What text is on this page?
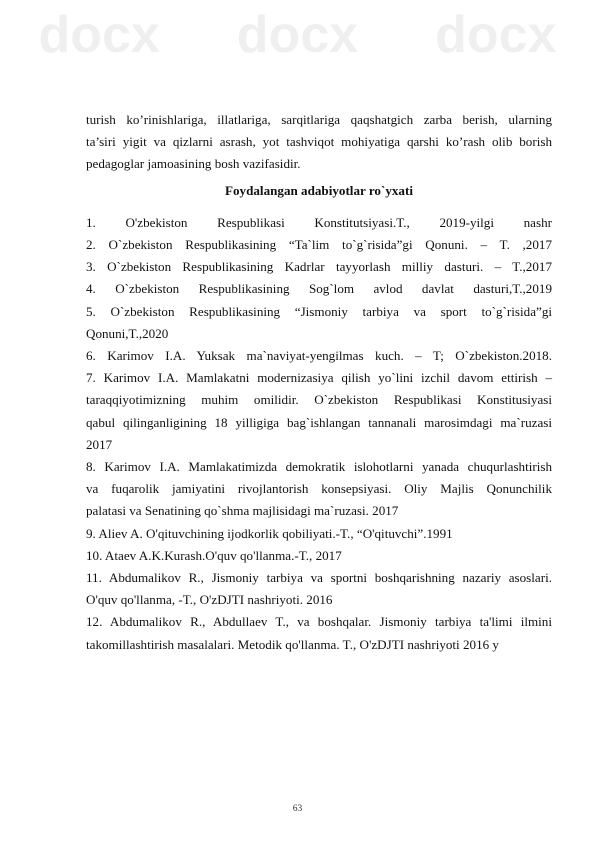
docx docx docx

turish ko’rinishlariga, illatlariga, sarqitlariga qaqshatgich zarba berish, ularning

ta’siri yigit va qizlarni asrash, yot tashviqot mohiyatiga qarshi ko’rash olib borish

pedagoglar jamoasining bosh vazifasidir.

Foydalangan adabiyotlar ro`yxati

1. O'zbekiston Respublikasi Konstitutsiyasi.T., 2019-yilgi nashr

2. O`zbekiston Respublikasining “Ta`lim to`g`risida”gi Qonuni. – T. ,2017

3. O`zbekiston Respublikasining Kadrlar tayyorlash milliy dasturi. – T.,2017

4. O`zbekiston Respublikasining Sog`lom avlod davlat dasturi,T.,2019

5. O`zbekiston Respublikasining “Jismoniy tarbiya va sport to`g`risida”gi

Qonuni,T.,2020

6. Karimov I.A. Yuksak ma`naviyat-yengilmas kuch. – T; O`zbekiston.2018.

7. Karimov I.A. Mamlakatni modernizasiya qilish yo`lini izchil davom ettirish –

taraqqiyotimizning muhim omilidir. O`zbekiston Respublikasi Konstitusiyasi

qabul qilinganligining 18 yilligiga bag`ishlangan tannanali marosimdagi ma`ruzasi

2017

8. Karimov I.A. Mamlakatimizda demokratik islohotlarni yanada chuqurlashtirish

va fuqarolik jamiyatini rivojlantorish konsepsiyasi. Oliy Majlis Qonunchilik

palatasi va Senatining qo`shma majlisidagi ma`ruzasi. 2017

9. Aliev A. O'qituvchining ijodkorlik qobiliyati.-T., “O'qituvchi”.1991

10. Ataev A.K.Kurash.O'quv qo'llanma.-T., 2017

11. Abdumalikov R., Jismoniy tarbiya va sportni boshqarishning nazariy asoslari.

O'quv qo'llanma, -T., O'zDJTI nashriyoti. 2016

12. Abdumalikov R., Abdullaev T., va boshqalar. Jismoniy tarbiya ta'limi ilmini

takomillashtirish masalalari. Metodik qo'llanma. T., O'zDJTI nashriyoti 2016 y

63
